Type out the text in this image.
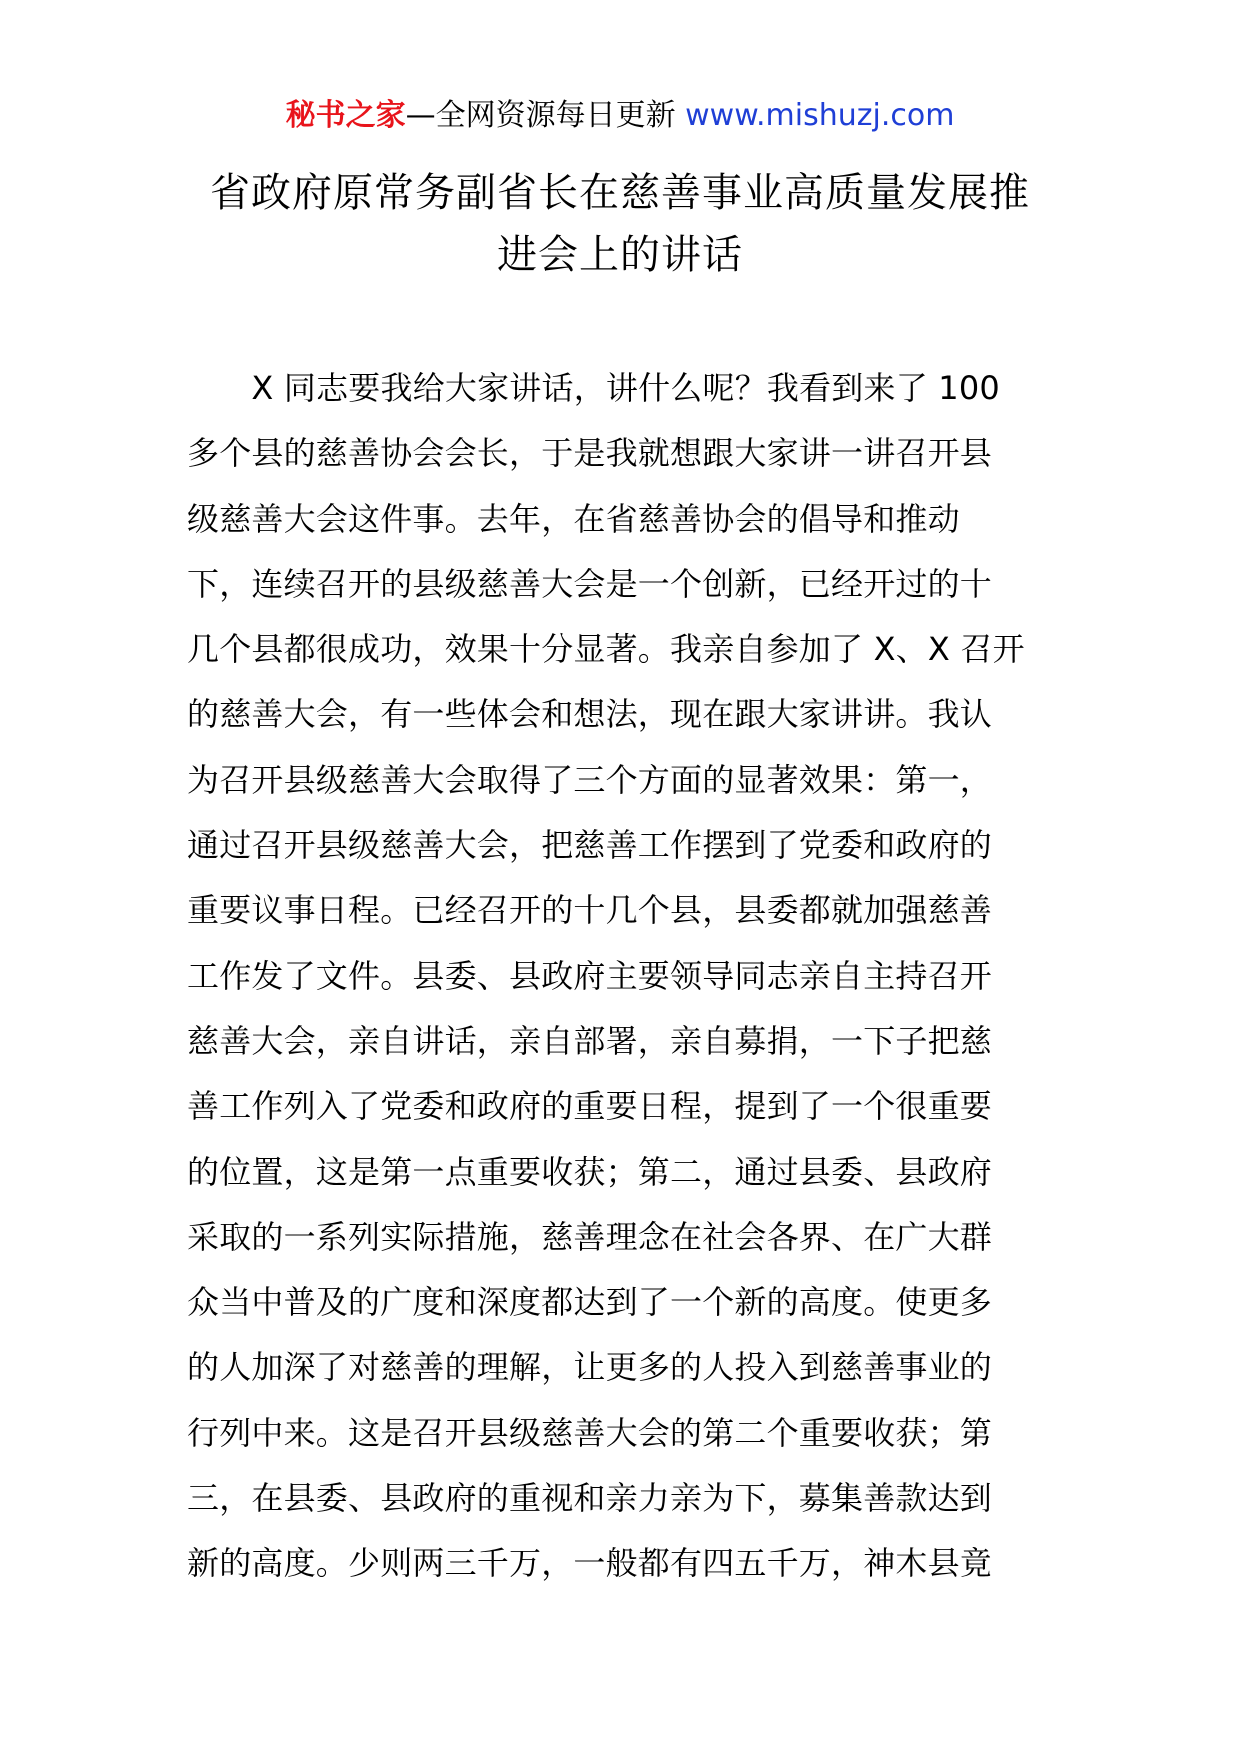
秘书之家—全网资源每日更新 www.mishuzj.com
省政府原常务副省长在慈善事业高质量发展推
进会上的讲话
　　X 同志要我给大家讲话，讲什么呢？我看到来了 100
多个县的慈善协会会长，于是我就想跟大家讲一讲召开县
级慈善大会这件事。去年，在省慈善协会的倡导和推动
下，连续召开的县级慈善大会是一个创新，已经开过的十
几个县都很成功，效果十分显著。我亲自参加了 X、X 召开
的慈善大会，有一些体会和想法，现在跟大家讲讲。我认
为召开县级慈善大会取得了三个方面的显著效果：第一，
通过召开县级慈善大会，把慈善工作摆到了党委和政府的
重要议事日程。已经召开的十几个县，县委都就加强慈善
工作发了文件。县委、县政府主要领导同志亲自主持召开
慈善大会，亲自讲话，亲自部署，亲自募捐，一下子把慈
善工作列入了党委和政府的重要日程，提到了一个很重要
的位置，这是第一点重要收获；第二，通过县委、县政府
采取的一系列实际措施，慈善理念在社会各界、在广大群
众当中普及的广度和深度都达到了一个新的高度。使更多
的人加深了对慈善的理解，让更多的人投入到慈善事业的
行列中来。这是召开县级慈善大会的第二个重要收获；第
三，在县委、县政府的重视和亲力亲为下，募集善款达到
新的高度。少则两三千万，一般都有四五千万，神木县竟
